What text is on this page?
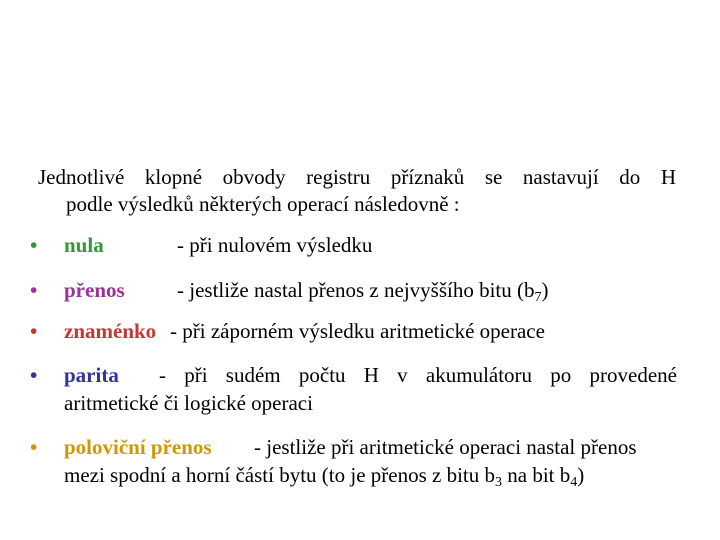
Jednotlivé klopné obvody registru příznaků se nastavují do H
podle výsledků některých operací následovně :
• nula	- při nulovém výsledku
• přenos - jestliže nastal přenos z nejvyššího bitu $(b_7)$
• znaménko - při záporném výsledku aritmetické operace
• parita - při sudém počtu H v akumulátoru po provedené
aritmetické či logické operaci
• poloviční přenos - jestliže při aritmetické operaci nastal přenos
mezi spodní a horní částí bytu (to je přenos z bitu $b_3$ na bit $b_4$)
